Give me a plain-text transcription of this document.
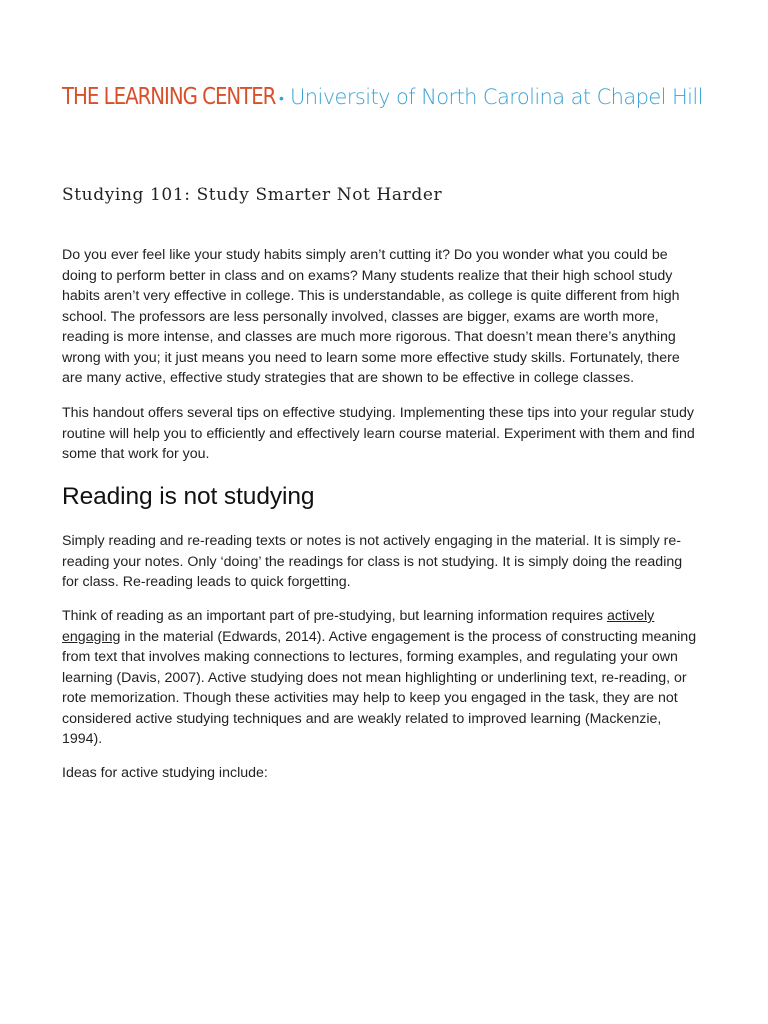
THE LEARNING CENTER • University of North Carolina at Chapel Hill
Studying 101: Study Smarter Not Harder

Do you ever feel like your study habits simply aren’t cutting it? Do you wonder what you could be doing to perform better in class and on exams? Many students realize that their high school study habits aren’t very effective in college. This is understandable, as college is quite different from high school. The professors are less personally involved, classes are bigger, exams are worth more, reading is more intense, and classes are much more rigorous. That doesn’t mean there’s anything wrong with you; it just means you need to learn some more effective study skills. Fortunately, there are many active, effective study strategies that are shown to be effective in college classes.

This handout offers several tips on effective studying. Implementing these tips into your regular study routine will help you to efficiently and effectively learn course material. Experiment with them and find some that work for you.

Reading is not studying

Simply reading and re-reading texts or notes is not actively engaging in the material. It is simply re-reading your notes. Only ‘doing’ the readings for class is not studying. It is simply doing the reading for class. Re-reading leads to quick forgetting.

Think of reading as an important part of pre-studying, but learning information requires actively engaging in the material (Edwards, 2014). Active engagement is the process of constructing meaning from text that involves making connections to lectures, forming examples, and regulating your own learning (Davis, 2007). Active studying does not mean highlighting or underlining text, re-reading, or rote memorization. Though these activities may help to keep you engaged in the task, they are not considered active studying techniques and are weakly related to improved learning (Mackenzie, 1994).

Ideas for active studying include:
